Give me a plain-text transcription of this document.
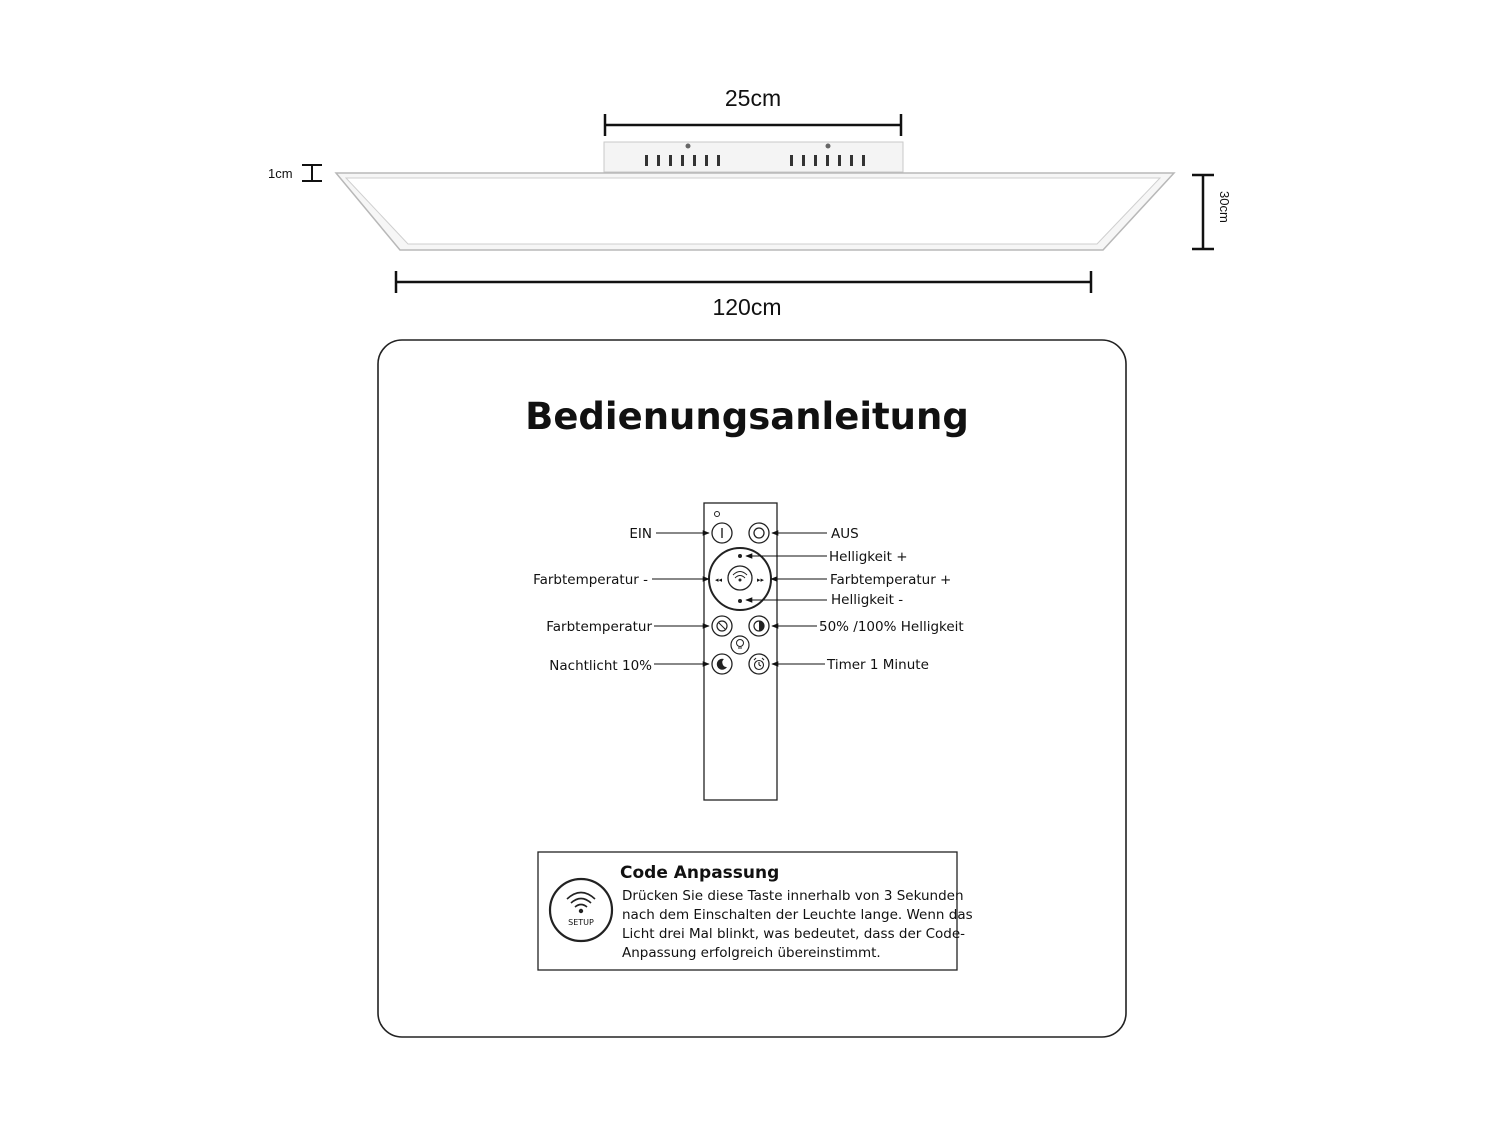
25cm
1cm
30cm
120cm
Bedienungsanleitung
◂◂	▸▸
EIN	AUS
Helligkeit +
Farbtemperatur -	Farbtemperatur +
Helligkeit -
Farbtemperatur	50% /100% Helligkeit
Nachtlicht 10%	Timer 1 Minute
SETUP
Code Anpassung
Drücken Sie diese Taste innerhalb von 3 Sekunden
nach dem Einschalten der Leuchte lange. Wenn das
Licht drei Mal blinkt, was bedeutet, dass der Code-
Anpassung erfolgreich übereinstimmt.
